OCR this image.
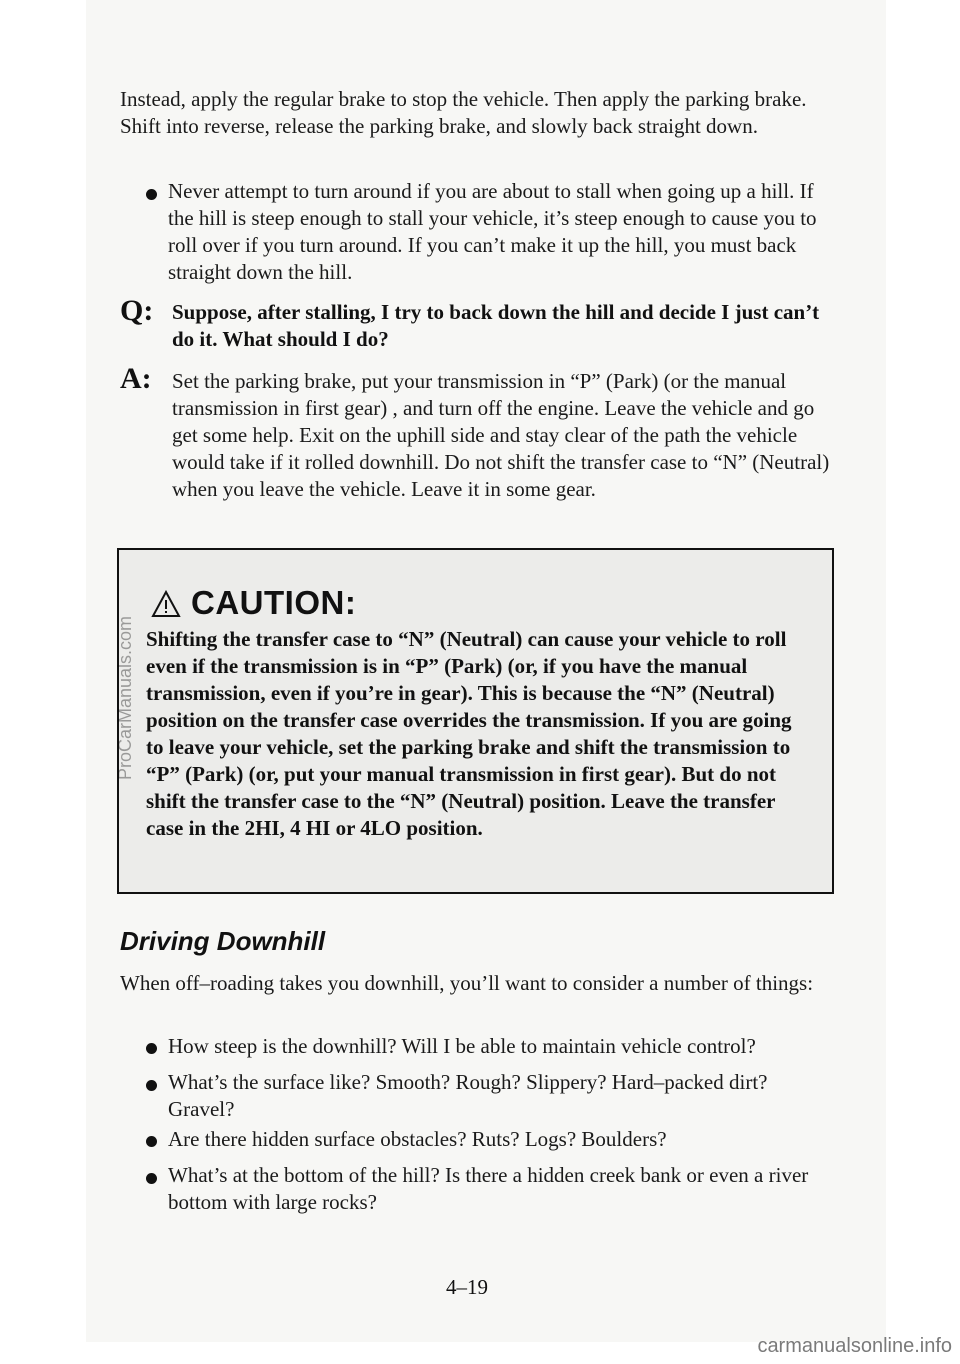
Instead, apply the regular brake to stop the vehicle. Then apply the parking brake. Shift into reverse, release the parking brake, and slowly back straight down.

Never attempt to turn around if you are about to stall when going up a hill. If the hill is steep enough to stall your vehicle, it’s steep enough to cause you to roll over if you turn around. If you can’t make it up the hill, you must back straight down the hill.

Q: Suppose, after stalling, I try to back down the hill and decide I just can’t do it. What should I do?

A: Set the parking brake, put your transmission in “P” (Park) (or the manual transmission in first gear) , and turn off the engine. Leave the vehicle and go get some help. Exit on the uphill side and stay clear of the path the vehicle would take if it rolled downhill. Do not shift the transfer case to “N” (Neutral) when you leave the vehicle. Leave it in some gear.

CAUTION:

Shifting the transfer case to “N” (Neutral) can cause your vehicle to roll even if the transmission is in “P” (Park) (or, if you have the manual transmission, even if you’re in gear). This is because the “N” (Neutral) position on the transfer case overrides the transmission. If you are going to leave your vehicle, set the parking brake and shift the transmission to “P” (Park) (or, put your manual transmission in first gear). But do not shift the transfer case to the “N” (Neutral) position. Leave the transfer case in the 2HI, 4 HI or 4LO position.

Driving Downhill

When off–roading takes you downhill, you’ll want to consider a number of things:

How steep is the downhill? Will I be able to maintain vehicle control?

What’s the surface like? Smooth? Rough? Slippery? Hard–packed dirt? Gravel?

Are there hidden surface obstacles? Ruts? Logs? Boulders?

What’s at the bottom of the hill? Is there a hidden creek bank or even a river bottom with large rocks?

4–19
ProCarManuals.com
carmanualsonline.info
